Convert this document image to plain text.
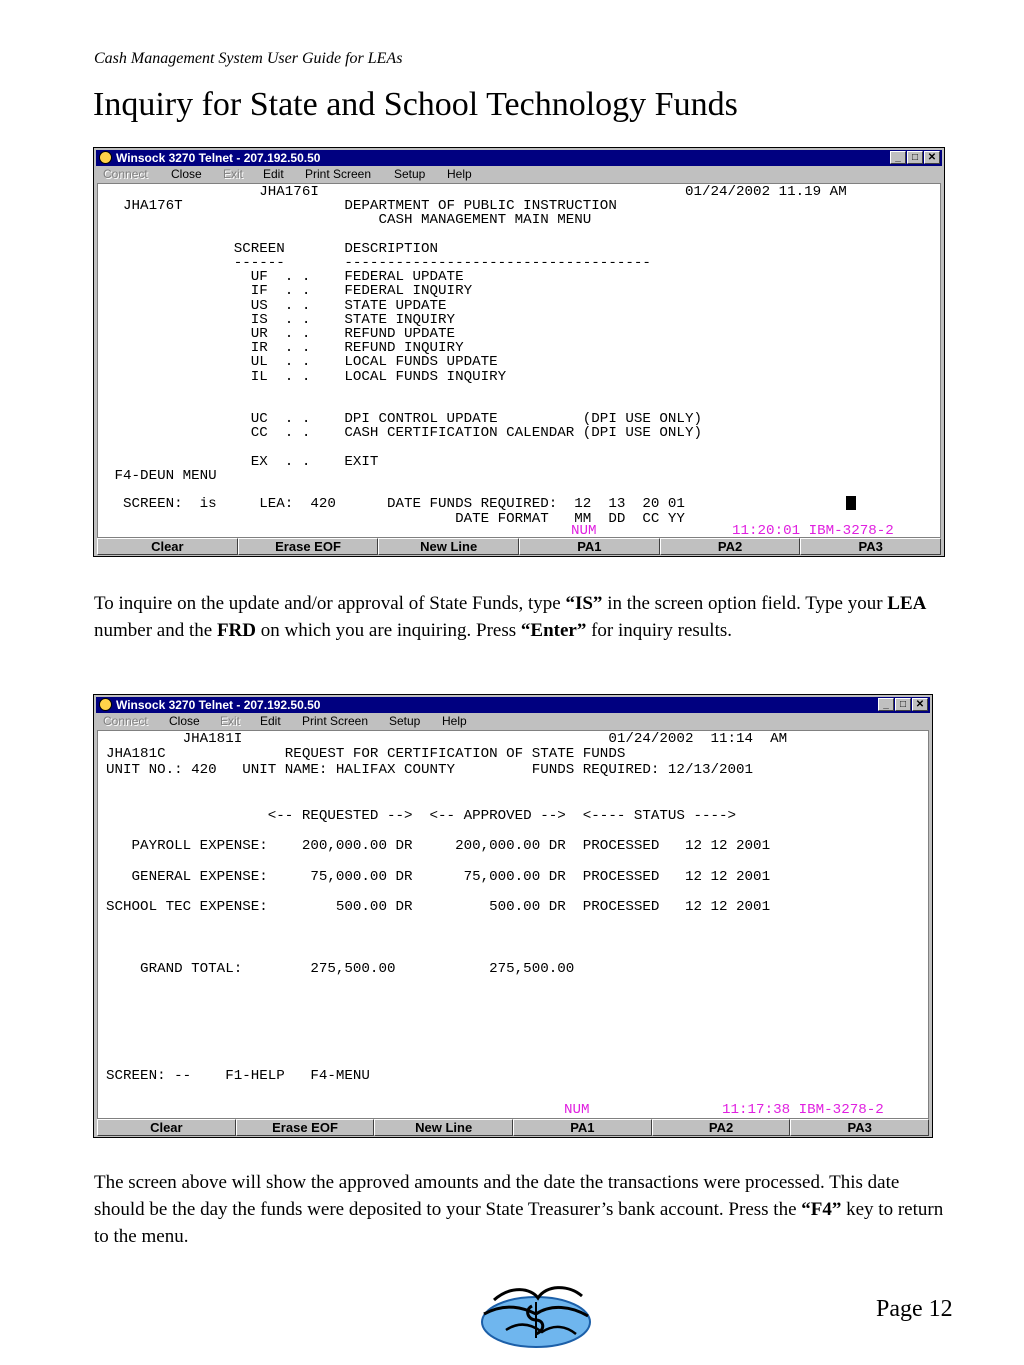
Cash Management System User Guide for LEAs
Inquiry for State and School Technology Funds
Winsock 3270 Telnet - 207.192.50.50	_ □ ✕
Connect Close Exit Edit Print Screen Setup Help
JHA176I                                           01/24/2002 11.19 AM
JHA176T                   DEPARTMENT OF PUBLIC INSTRUCTION
CASH MANAGEMENT MAIN MENU
SCREEN       DESCRIPTION
------       ------------------------------------
UF  . .    FEDERAL UPDATE
IF  . .    FEDERAL INQUIRY
US  . .    STATE UPDATE
IS  . .    STATE INQUIRY
UR  . .    REFUND UPDATE
IR  . .    REFUND INQUIRY
UL  . .    LOCAL FUNDS UPDATE
IL  . .    LOCAL FUNDS INQUIRY
UC  . .    DPI CONTROL UPDATE          (DPI USE ONLY)
CC  . .    CASH CERTIFICATION CALENDAR (DPI USE ONLY)
EX  . .    EXIT
F4-DEUN MENU
SCREEN:  is     LEA:  420      DATE FUNDS REQUIRED:  12  13  20 01
DATE FORMAT   MM  DD  CC YY
NUM	11:20:01 IBM-3278-2
Clear	Erase EOF	New Line	PA1	PA2	PA3
To inquire on the update and/or approval of State Funds, type “IS” in the screen option field. Type your LEA number and the FRD on which you are inquiring. Press “Enter” for inquiry results.
Winsock 3270 Telnet - 207.192.50.50	_ □ ✕
Connect Close Exit Edit Print Screen Setup Help
JHA181I                                           01/24/2002  11:14  AM
JHA181C              REQUEST FOR CERTIFICATION OF STATE FUNDS
UNIT NO.: 420   UNIT NAME: HALIFAX COUNTY         FUNDS REQUIRED: 12/13/2001
<-- REQUESTED -->  <-- APPROVED -->  <---- STATUS ---->
PAYROLL EXPENSE:    200,000.00 DR     200,000.00 DR  PROCESSED   12 12 2001
GENERAL EXPENSE:     75,000.00 DR      75,000.00 DR  PROCESSED   12 12 2001
SCHOOL TEC EXPENSE:        500.00 DR         500.00 DR  PROCESSED   12 12 2001
GRAND TOTAL:        275,500.00           275,500.00
SCREEN: --    F1-HELP   F4-MENU
NUM	11:17:38 IBM-3278-2
Clear	Erase EOF	New Line	PA1	PA2	PA3
The screen above will show the approved amounts and the date the transactions were processed. This date should be the day the funds were deposited to your State Treasurer’s bank account. Press the “F4” key to return to the menu.
Page 12
